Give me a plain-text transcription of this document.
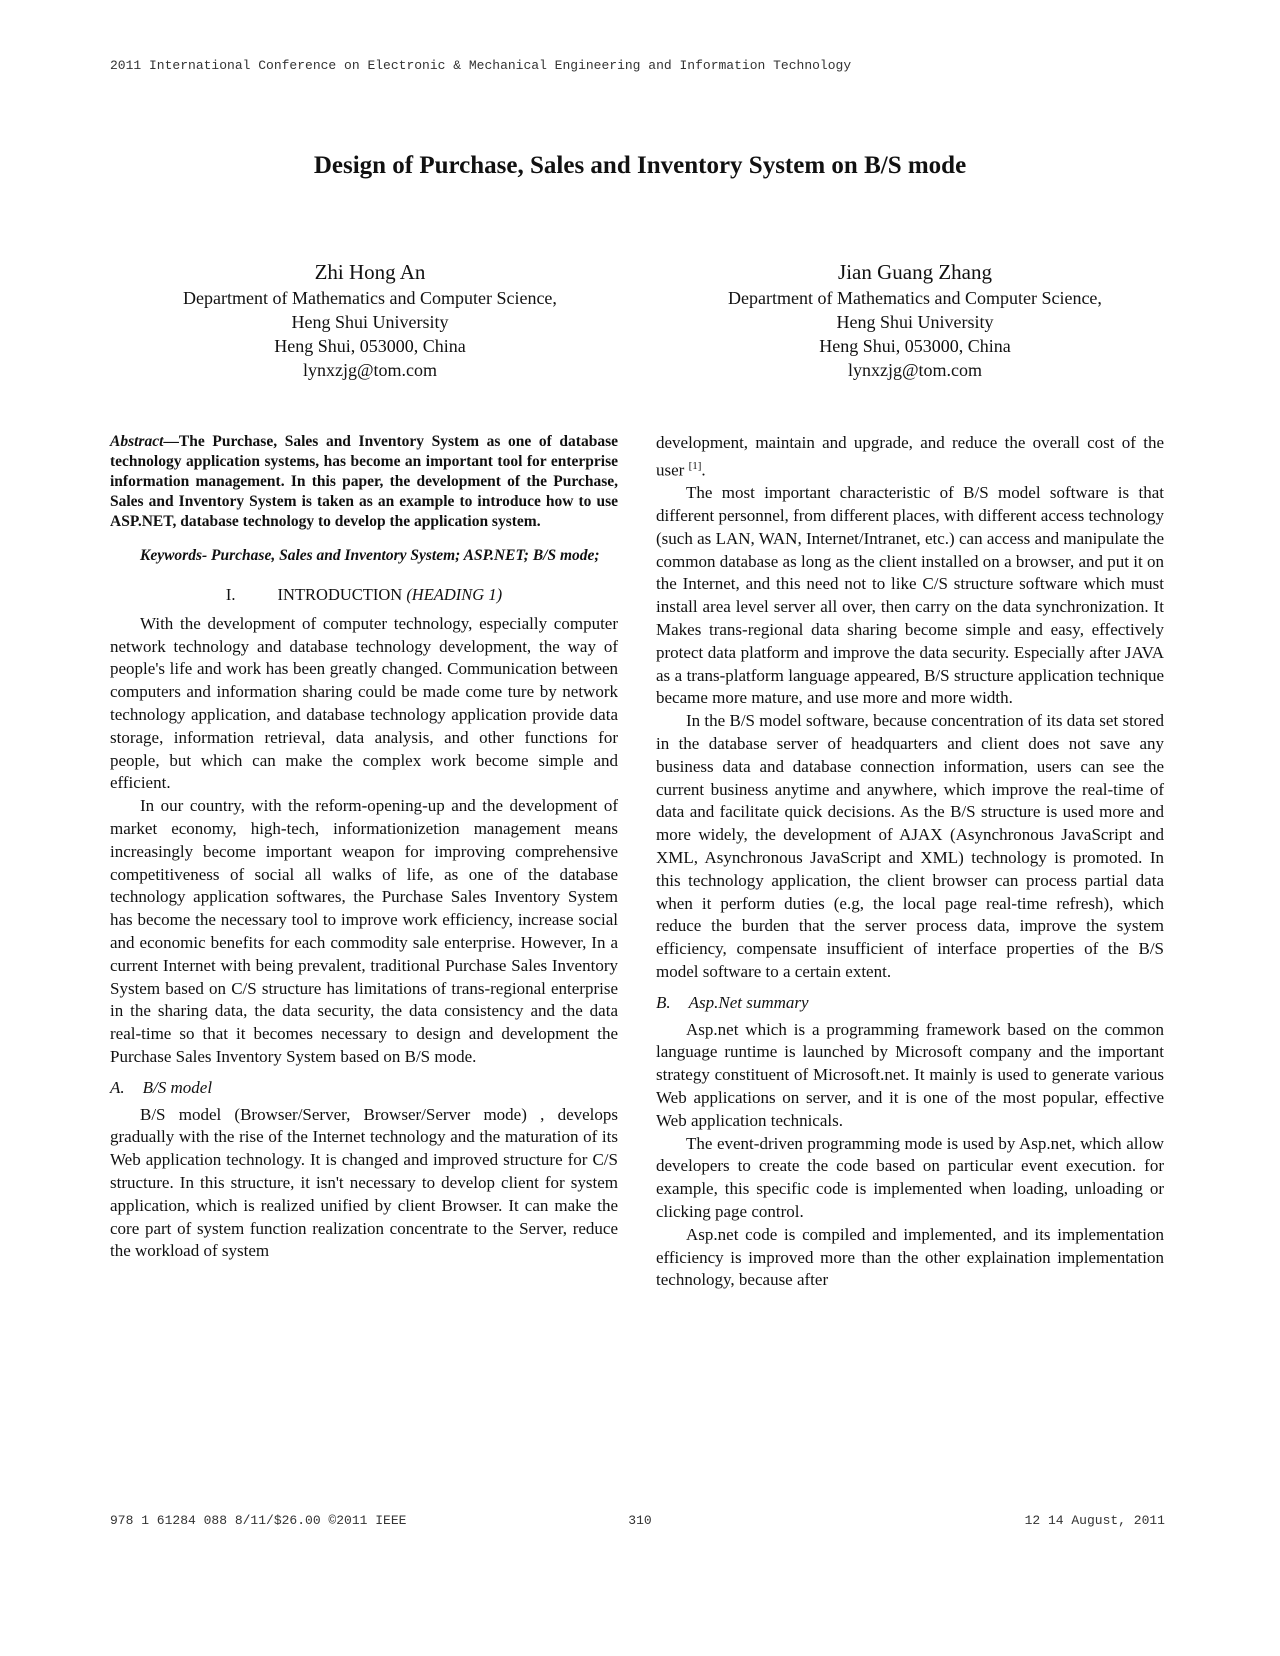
2011 International Conference on Electronic & Mechanical Engineering and Information Technology
Design of Purchase, Sales and Inventory System on B/S mode
Zhi Hong An
Department of Mathematics and Computer Science,
Heng Shui University
Heng Shui, 053000, China
lynxzjg@tom.com
Jian Guang Zhang
Department of Mathematics and Computer Science,
Heng Shui University
Heng Shui, 053000, China
lynxzjg@tom.com

Abstract—The Purchase, Sales and Inventory System as one of database technology application systems, has become an important tool for enterprise information management. In this paper, the development of the Purchase, Sales and Inventory System is taken as an example to introduce how to use ASP.NET, database technology to develop the application system.

Keywords- Purchase, Sales and Inventory System; ASP.NET; B/S mode;

I.	INTRODUCTION (HEADING 1)

With the development of computer technology, especially computer network technology and database technology development, the way of people's life and work has been greatly changed. Communication between computers and information sharing could be made come ture by network technology application, and database technology application provide data storage, information retrieval, data analysis, and other functions for people, but which can make the complex work become simple and efficient.

In our country, with the reform-opening-up and the development of market economy, high-tech, informationizetion management means increasingly become important weapon for improving comprehensive competitiveness of social all walks of life, as one of the database technology application softwares, the Purchase Sales Inventory System has become the necessary tool to improve work efficiency, increase social and economic benefits for each commodity sale enterprise. However, In a current Internet with being prevalent, traditional Purchase Sales Inventory System based on C/S structure has limitations of trans-regional enterprise in the sharing data, the data security, the data consistency and the data real-time so that it becomes necessary to design and development the Purchase Sales Inventory System based on B/S mode.

A. B/S model

B/S model (Browser/Server, Browser/Server mode) , develops gradually with the rise of the Internet technology and the maturation of its Web application technology. It is changed and improved structure for C/S structure. In this structure, it isn't necessary to develop client for system application, which is realized unified by client Browser. It can make the core part of system function realization concentrate to the Server, reduce the workload of system

development, maintain and upgrade, and reduce the overall cost of the user [1].

The most important characteristic of B/S model software is that different personnel, from different places, with different access technology (such as LAN, WAN, Internet/Intranet, etc.) can access and manipulate the common database as long as the client installed on a browser, and put it on the Internet, and this need not to like C/S structure software which must install area level server all over, then carry on the data synchronization. It Makes trans-regional data sharing become simple and easy, effectively protect data platform and improve the data security. Especially after JAVA as a trans-platform language appeared, B/S structure application technique became more mature, and use more and more width.

In the B/S model software, because concentration of its data set stored in the database server of headquarters and client does not save any business data and database connection information, users can see the current business anytime and anywhere, which improve the real-time of data and facilitate quick decisions. As the B/S structure is used more and more widely, the development of AJAX (Asynchronous JavaScript and XML, Asynchronous JavaScript and XML) technology is promoted. In this technology application, the client browser can process partial data when it perform duties (e.g, the local page real-time refresh), which reduce the burden that the server process data, improve the system efficiency, compensate insufficient of interface properties of the B/S model software to a certain extent.

B. Asp.Net summary

Asp.net which is a programming framework based on the common language runtime is launched by Microsoft company and the important strategy constituent of Microsoft.net. It mainly is used to generate various Web applications on server, and it is one of the most popular, effective Web application technicals.

The event-driven programming mode is used by Asp.net, which allow developers to create the code based on particular event execution. for example, this specific code is implemented when loading, unloading or clicking page control.

Asp.net code is compiled and implemented, and its implementation efficiency is improved more than the other explaination implementation technology, because after

978 1 61284 088 8/11/$26.00 ©2011 IEEE	310	12 14 August, 2011
